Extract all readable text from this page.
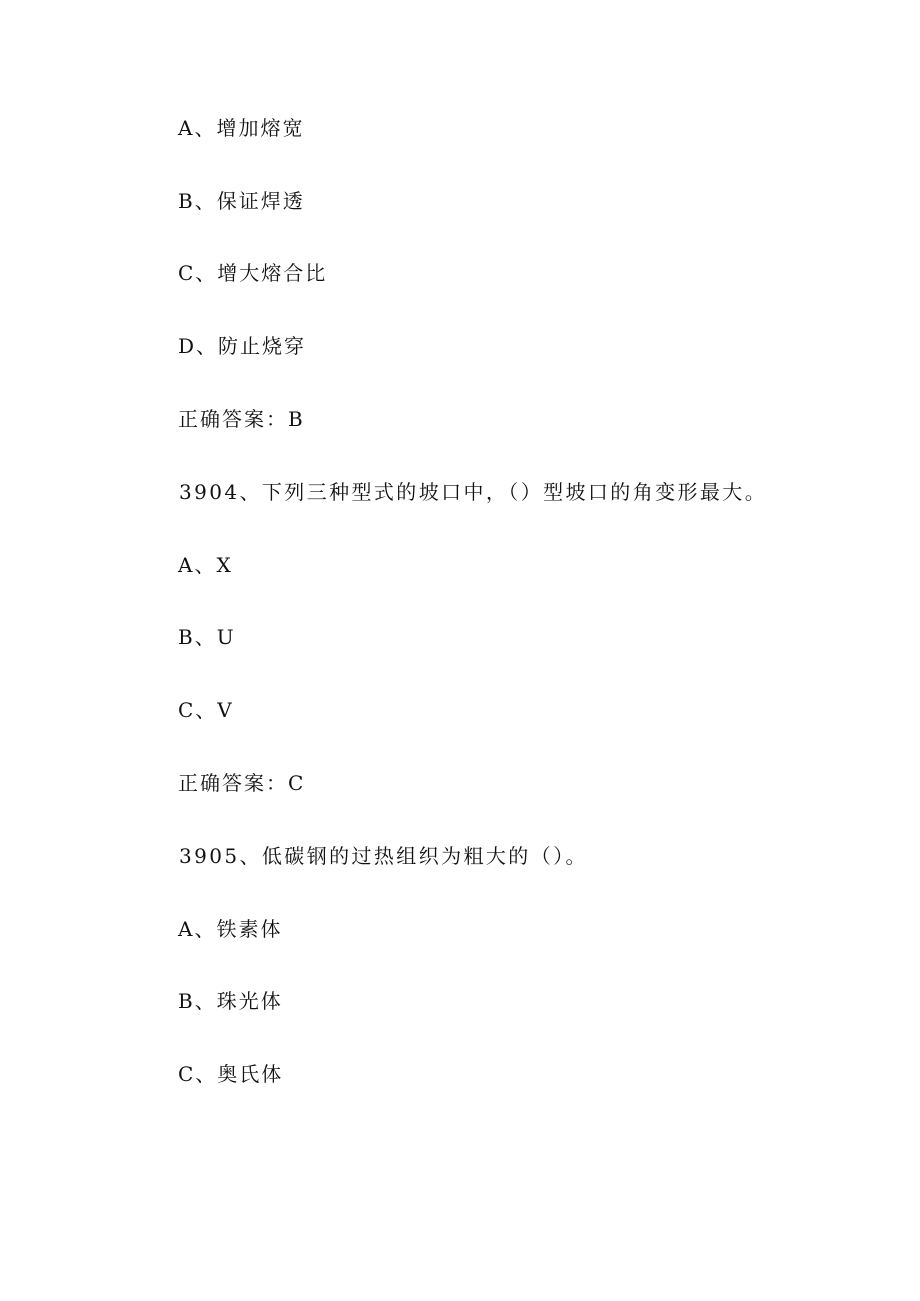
A、增加熔宽
B、保证焊透
C、增大熔合比
D、防止烧穿
正确答案：B
3904、下列三种型式的坡口中，（）型坡口的角变形最大。
A、X
B、U
C、V
正确答案：C
3905、低碳钢的过热组织为粗大的（）。
A、铁素体
B、珠光体
C、奥氏体
